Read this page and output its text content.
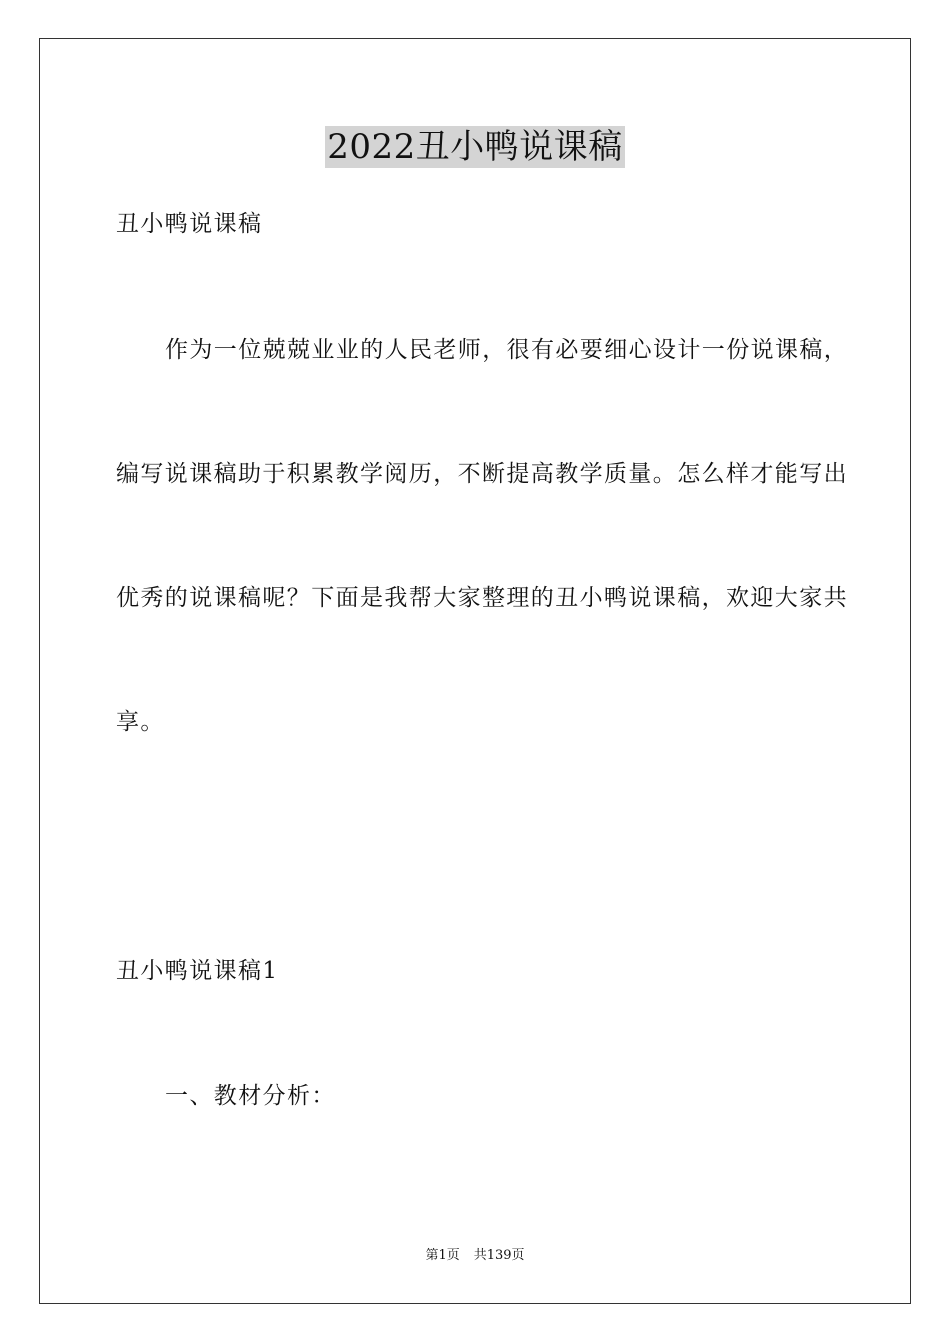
2022丑小鸭说课稿
丑小鸭说课稿
作为一位兢兢业业的人民老师，很有必要细心设计一份说课稿，
编写说课稿助于积累教学阅历，不断提高教学质量。怎么样才能写出
优秀的说课稿呢？下面是我帮大家整理的丑小鸭说课稿，欢迎大家共
享。
丑小鸭说课稿1
一、教材分析：
第1页 共139页
